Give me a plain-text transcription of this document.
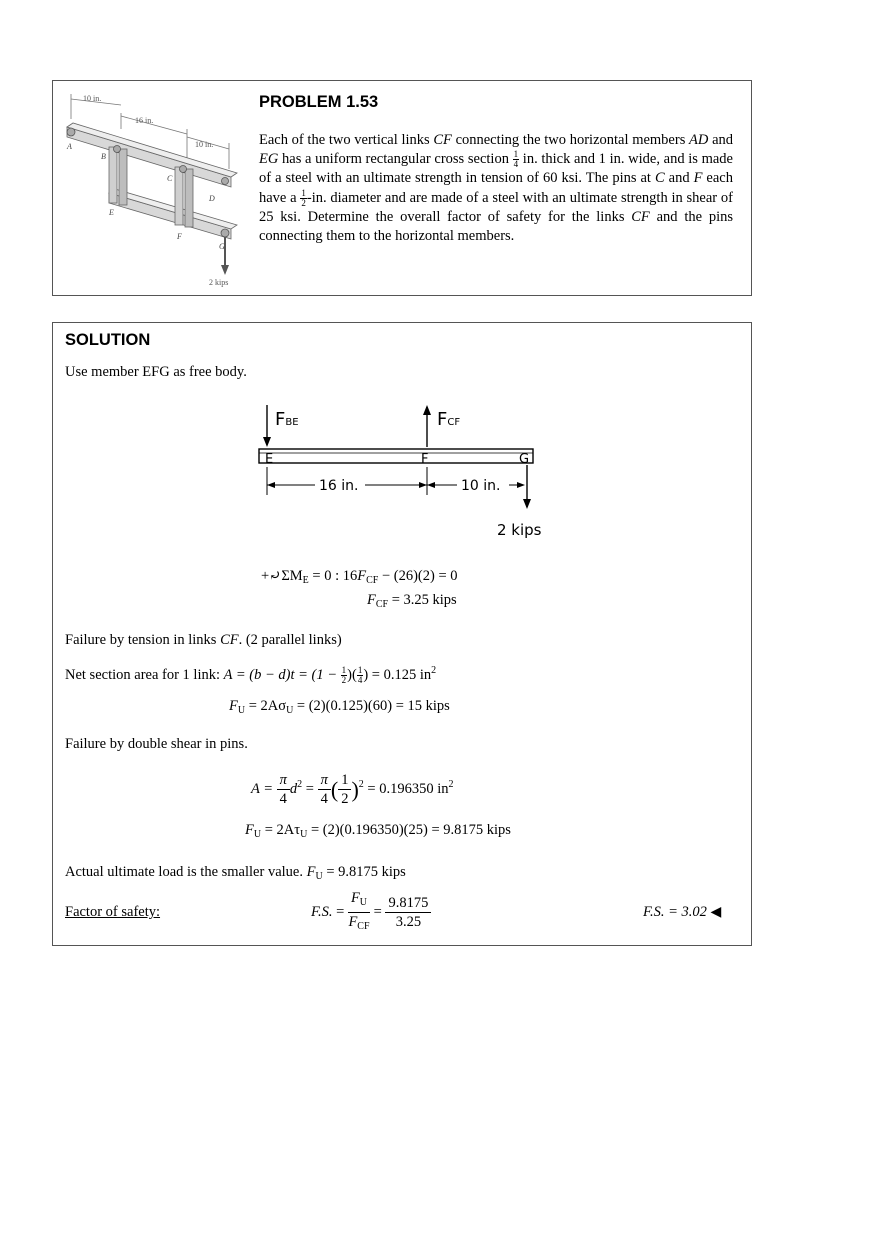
10 in.
16 in.
10 in.
A
B
C
D
E
F
G
2 kips
PROBLEM 1.53
Each of the two vertical links CF connecting the two horizontal members AD and EG has a uniform rectangular cross section $\frac{1}{4}$ in. thick and 1 in. wide, and is made of a steel with an ultimate strength in tension of 60 ksi. The pins at C and F each have a $\frac{1}{2} -in$. diameter and are made of a steel with an ultimate strength in shear of 25 ksi. Determine the overall factor of safety for the links CF and the pins connecting them to the horizontal members.
SOLUTION
Use member EFG as free body.
FBE	FCF
E	F	G
16 in.	10 in.
2 kips
$+⤾\Sigma M_E = 0$ : $16F_{CF} - (26)(2) = 0$
$F_{CF} = 3.25$ kips
Failure by tension in links CF. (2 parallel links)
Net section area for 1 link: $A = (b - d)t = (1 - \frac{1}{2}$ )( $\frac{1}{4}$ ) = 0.125 $in^2$
$F_U = 2A\sigma_U = (2)(0.125)(60) = 15$ kips
Failure by double shear in pins.
$A = \frac{\pi}{4} d^2 = \frac{\pi}{4}$ ( $\frac{1}{2} )^2 = 0.196350$ $in^2$
$F_U = 2A\tau_U = (2)(0.196350)(25) = 9.8175$ kips
Actual ultimate load is the smaller value. $F_U = 9.8175$ kips
Factor of safety:	F.S. =
$F_U$
$F_{CF}$
= $\frac{9.8175}{3.25}$	F.S. = 3.02 ◀
